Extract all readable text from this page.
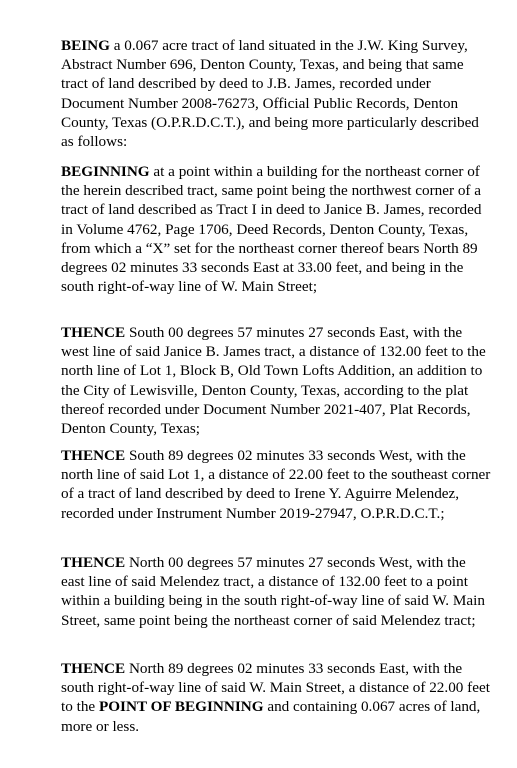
BEING a 0.067 acre tract of land situated in the J.W. King Survey, Abstract Number 696, Denton County, Texas, and being that same tract of land described by deed to J.B. James, recorded under Document Number 2008-76273, Official Public Records, Denton County, Texas (O.P.R.D.C.T.), and being more particularly described as follows:

BEGINNING at a point within a building for the northeast corner of the herein described tract, same point being the northwest corner of a tract of land described as Tract I in deed to Janice B. James, recorded in Volume 4762, Page 1706, Deed Records, Denton County, Texas, from which a “X” set for the northeast corner thereof bears North 89 degrees 02 minutes 33 seconds East at 33.00 feet, and being in the south right-of-way line of W. Main Street;

THENCE South 00 degrees 57 minutes 27 seconds East, with the west line of said Janice B. James tract, a distance of 132.00 feet to the north line of Lot 1, Block B, Old Town Lofts Addition, an addition to the City of Lewisville, Denton County, Texas, according to the plat thereof recorded under Document Number 2021-407, Plat Records, Denton County, Texas;

THENCE South 89 degrees 02 minutes 33 seconds West, with the north line of said Lot 1, a distance of 22.00 feet to the southeast corner of a tract of land described by deed to Irene Y. Aguirre Melendez, recorded under Instrument Number 2019-27947, O.P.R.D.C.T.;

THENCE North 00 degrees 57 minutes 27 seconds West, with the east line of said Melendez tract, a distance of 132.00 feet to a point within a building being in the south right-of-way line of said W. Main Street, same point being the northeast corner of said Melendez tract;

THENCE North 89 degrees 02 minutes 33 seconds East, with the south right-of-way line of said W. Main Street, a distance of 22.00 feet to the POINT OF BEGINNING and containing 0.067 acres of land, more or less.
